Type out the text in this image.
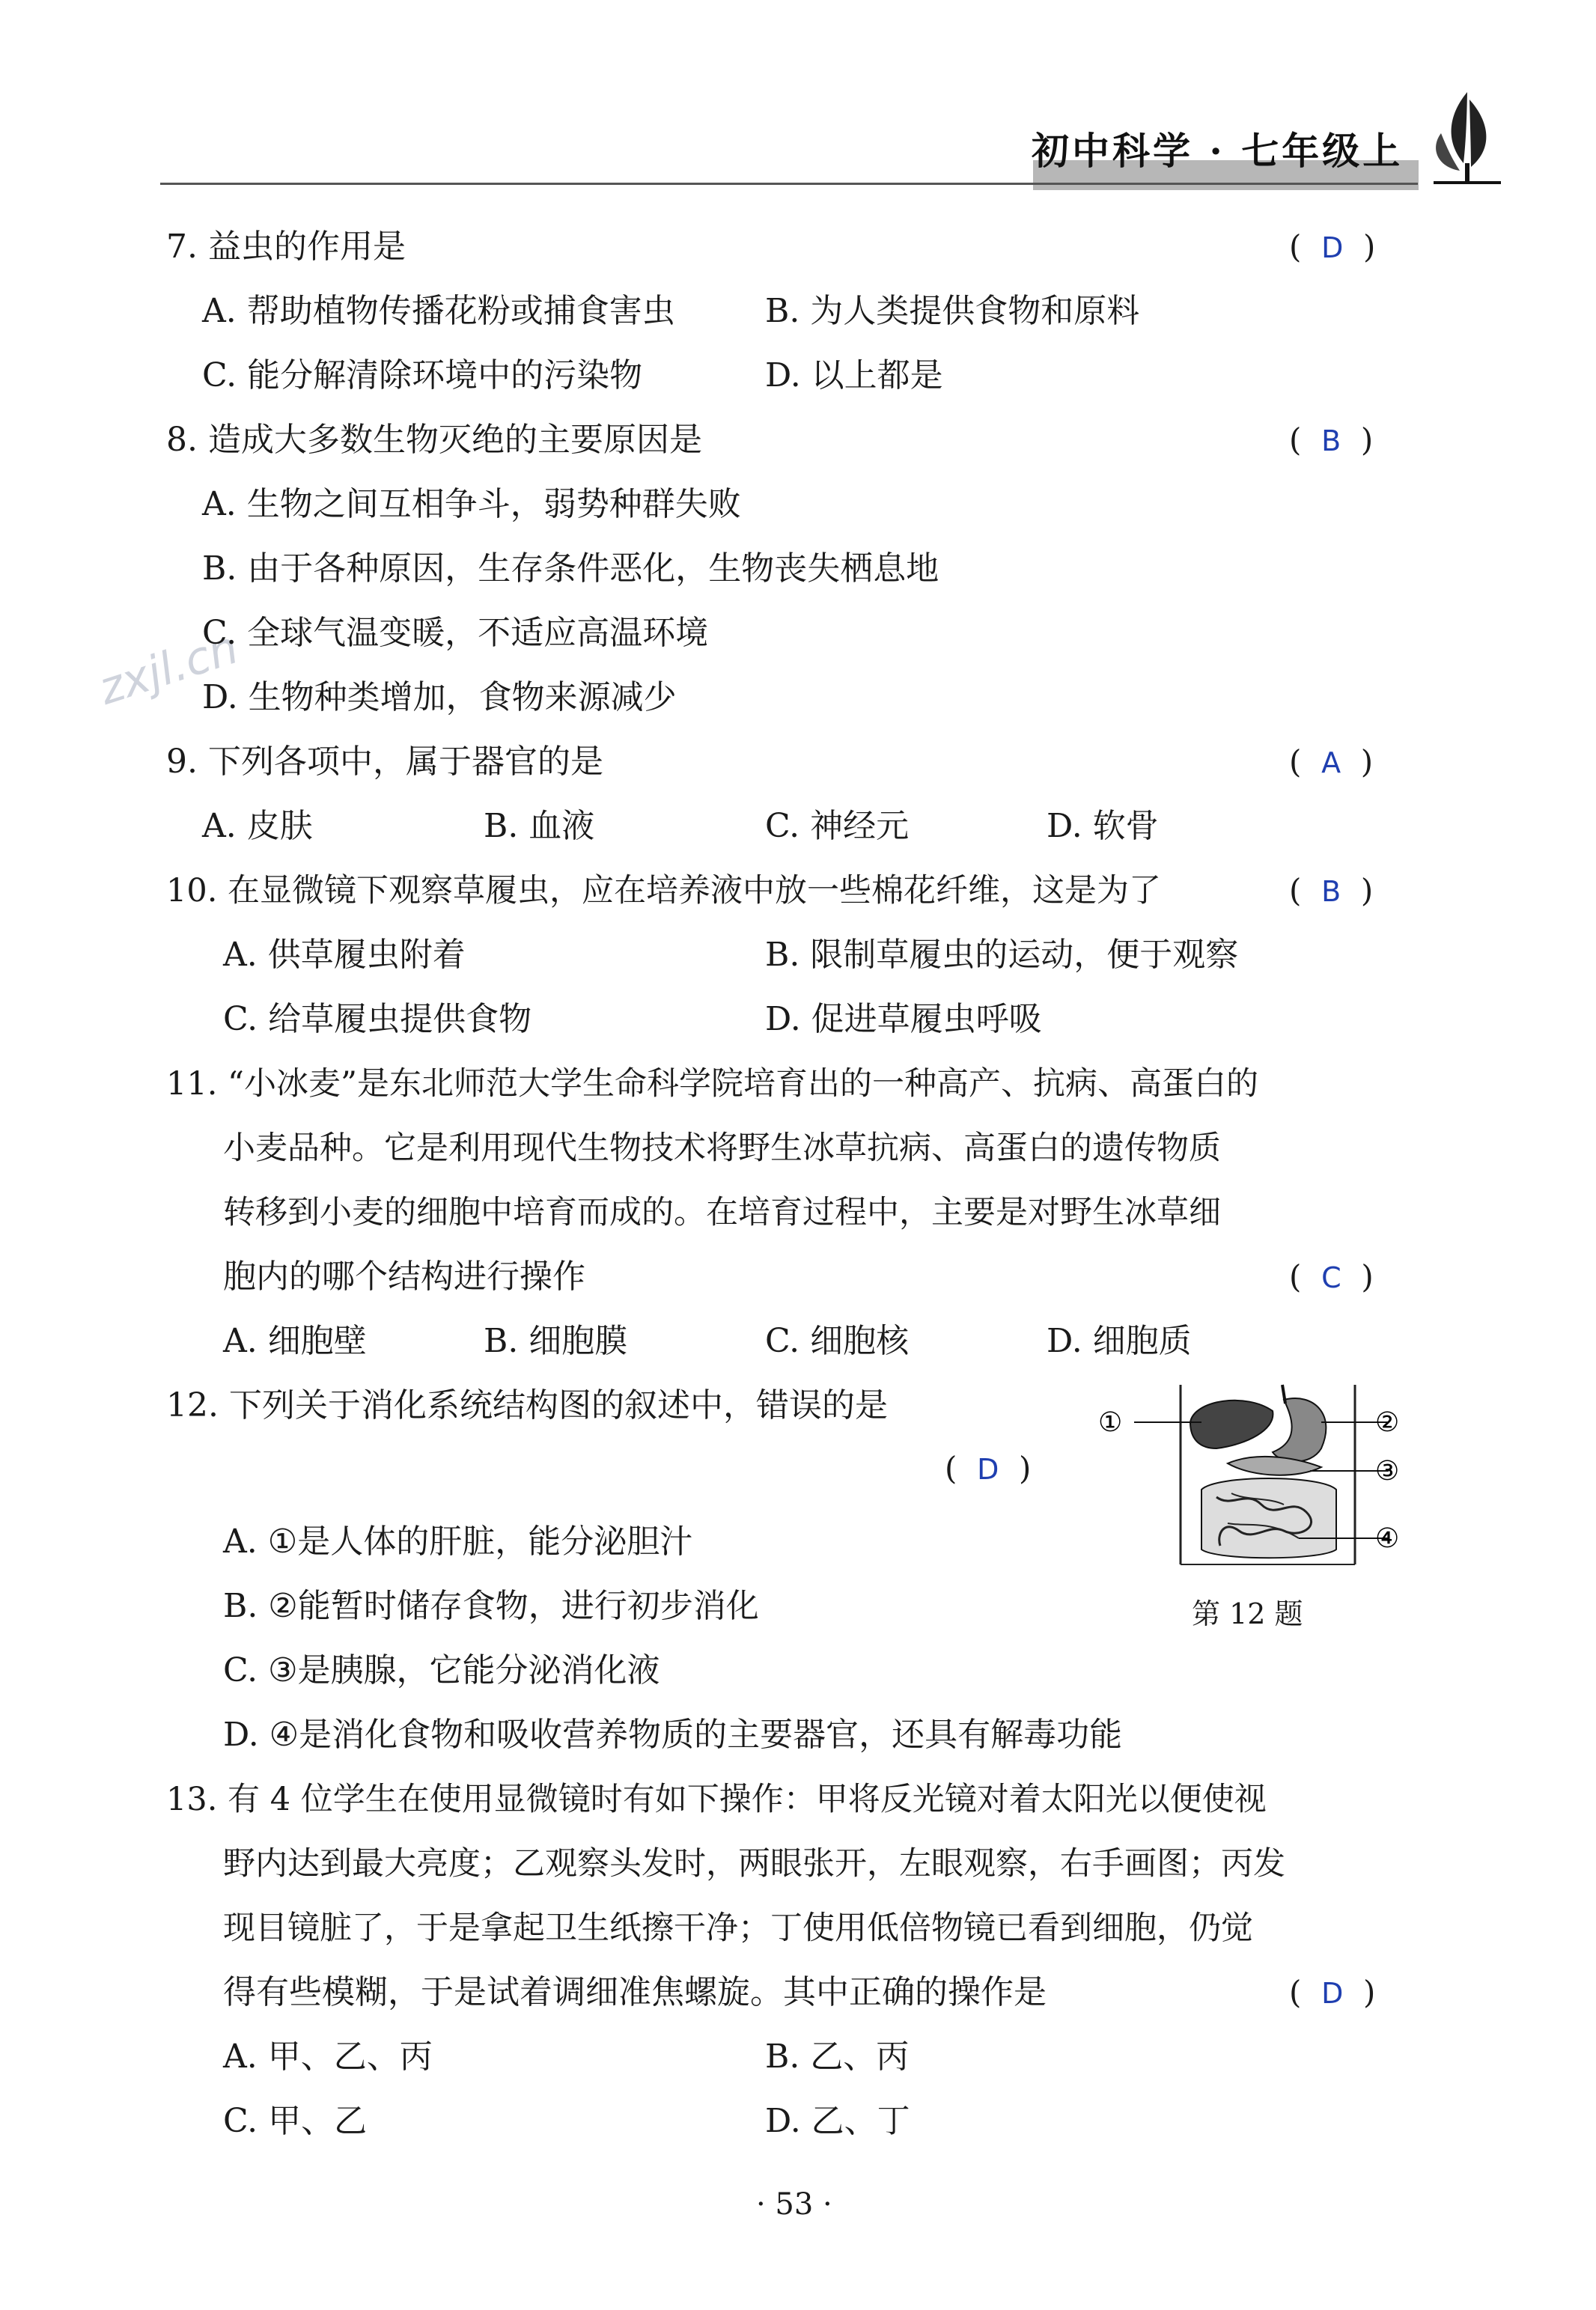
初中科学 · 七年级上
zxjl.cn
7. 益虫的作用是	(  D  )
A. 帮助植物传播花粉或捕食害虫	B. 为人类提供食物和原料
C. 能分解清除环境中的污染物	D. 以上都是
8. 造成大多数生物灭绝的主要原因是	(  B  )
A. 生物之间互相争斗，弱势种群失败
B. 由于各种原因，生存条件恶化，生物丧失栖息地
C. 全球气温变暖，不适应高温环境
D. 生物种类增加，食物来源减少
9. 下列各项中，属于器官的是	(  A  )
A. 皮肤	B. 血液	C. 神经元	D. 软骨
10. 在显微镜下观察草履虫，应在培养液中放一些棉花纤维，这是为了	(  B  )
A. 供草履虫附着	B. 限制草履虫的运动，便于观察
C. 给草履虫提供食物	D. 促进草履虫呼吸
11. “小冰麦”是东北师范大学生命科学院培育出的一种高产、抗病、高蛋白的
小麦品种。它是利用现代生物技术将野生冰草抗病、高蛋白的遗传物质
转移到小麦的细胞中培育而成的。在培育过程中，主要是对野生冰草细
胞内的哪个结构进行操作	(  C  )
A. 细胞壁	B. 细胞膜	C. 细胞核	D. 细胞质
12. 下列关于消化系统结构图的叙述中，错误的是
(  D  )
A. ①是人体的肝脏，能分泌胆汁
B. ②能暂时储存食物，进行初步消化
C. ③是胰腺，它能分泌消化液
D. ④是消化食物和吸收营养物质的主要器官，还具有解毒功能
①	②
③
④
第 12 题
13. 有 4 位学生在使用显微镜时有如下操作：甲将反光镜对着太阳光以便使视
野内达到最大亮度；乙观察头发时，两眼张开，左眼观察，右手画图；丙发
现目镜脏了，于是拿起卫生纸擦干净；丁使用低倍物镜已看到细胞，仍觉
得有些模糊，于是试着调细准焦螺旋。其中正确的操作是	(  D  )
A. 甲、乙、丙	B. 乙、丙
C. 甲、乙	D. 乙、丁
· 53 ·
